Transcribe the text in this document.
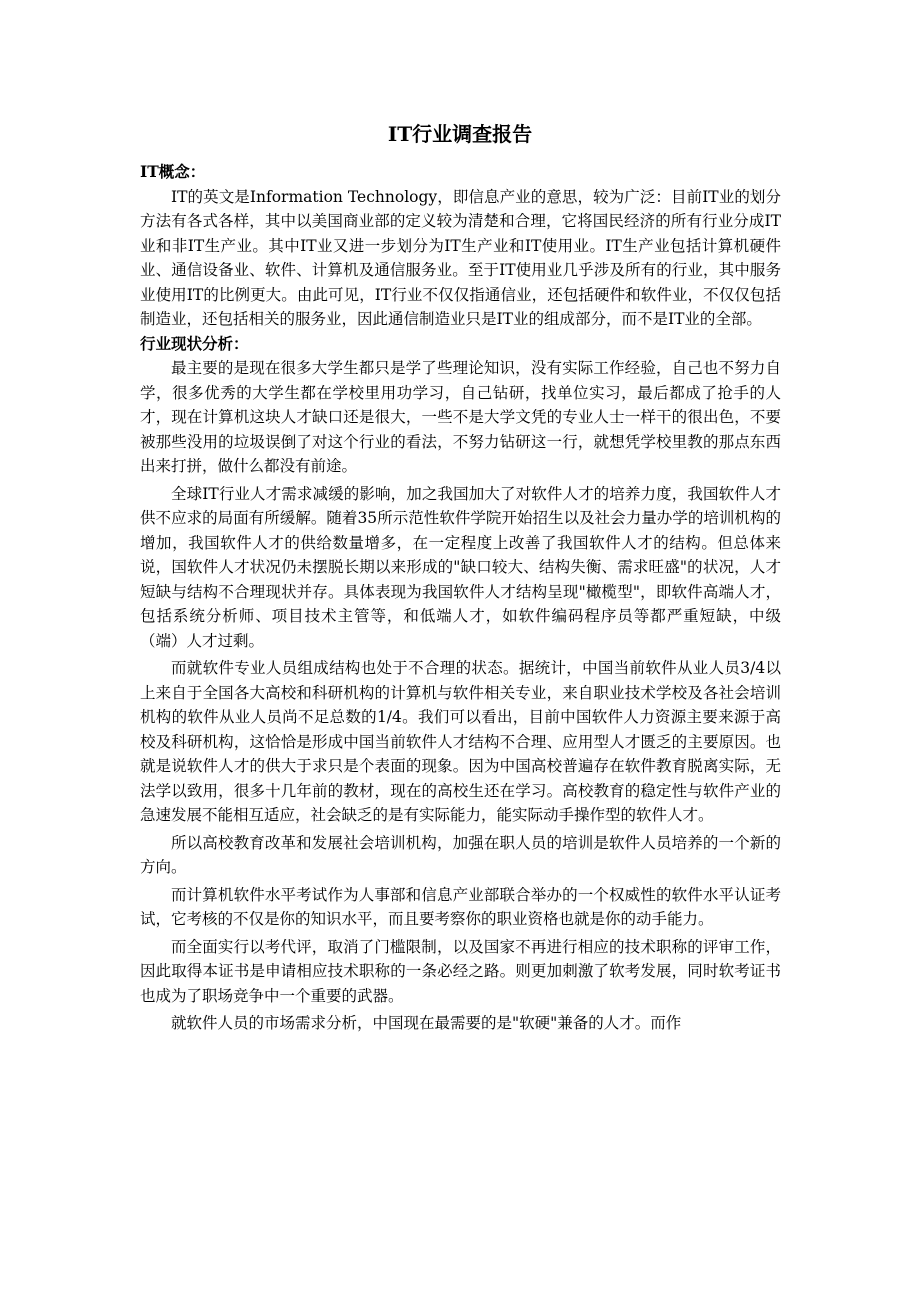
IT行业调查报告

IT概念：

IT的英文是Information Technology，即信息产业的意思，较为广泛：目前IT业的划分方法有各式各样，其中以美国商业部的定义较为清楚和合理，它将国民经济的所有行业分成IT业和非IT生产业。其中IT业又进一步划分为IT生产业和IT使用业。IT生产业包括计算机硬件业、通信设备业、软件、计算机及通信服务业。至于IT使用业几乎涉及所有的行业，其中服务业使用IT的比例更大。由此可见，IT行业不仅仅指通信业，还包括硬件和软件业，不仅仅包括制造业，还包括相关的服务业，因此通信制造业只是IT业的组成部分，而不是IT业的全部。

行业现状分析：

最主要的是现在很多大学生都只是学了些理论知识，没有实际工作经验，自己也不努力自学，很多优秀的大学生都在学校里用功学习，自己钻研，找单位实习，最后都成了抢手的人才，现在计算机这块人才缺口还是很大，一些不是大学文凭的专业人士一样干的很出色，不要被那些没用的垃圾误倒了对这个行业的看法，不努力钻研这一行，就想凭学校里教的那点东西出来打拼，做什么都没有前途。

全球IT行业人才需求减缓的影响，加之我国加大了对软件人才的培养力度，我国软件人才供不应求的局面有所缓解。随着35所示范性软件学院开始招生以及社会力量办学的培训机构的增加，我国软件人才的供给数量增多，在一定程度上改善了我国软件人才的结构。但总体来说，国软件人才状况仍未摆脱长期以来形成的"缺口较大、结构失衡、需求旺盛"的状况，人才短缺与结构不合理现状并存。具体表现为我国软件人才结构呈现"橄榄型"，即软件高端人才，包括系统分析师、项目技术主管等，和低端人才，如软件编码程序员等都严重短缺，中级（端）人才过剩。

而就软件专业人员组成结构也处于不合理的状态。据统计，中国当前软件从业人员3/4以上来自于全国各大高校和科研机构的计算机与软件相关专业，来自职业技术学校及各社会培训机构的软件从业人员尚不足总数的1/4。我们可以看出，目前中国软件人力资源主要来源于高校及科研机构，这恰恰是形成中国当前软件人才结构不合理、应用型人才匮乏的主要原因。也就是说软件人才的供大于求只是个表面的现象。因为中国高校普遍存在软件教育脱离实际，无法学以致用，很多十几年前的教材，现在的高校生还在学习。高校教育的稳定性与软件产业的急速发展不能相互适应，社会缺乏的是有实际能力，能实际动手操作型的软件人才。

所以高校教育改革和发展社会培训机构，加强在职人员的培训是软件人员培养的一个新的方向。

而计算机软件水平考试作为人事部和信息产业部联合举办的一个权威性的软件水平认证考试，它考核的不仅是你的知识水平，而且要考察你的职业资格也就是你的动手能力。

而全面实行以考代评，取消了门槛限制，以及国家不再进行相应的技术职称的评审工作，因此取得本证书是申请相应技术职称的一条必经之路。则更加刺激了软考发展，同时软考证书也成为了职场竞争中一个重要的武器。

就软件人员的市场需求分析，中国现在最需要的是"软硬"兼备的人才。而作
